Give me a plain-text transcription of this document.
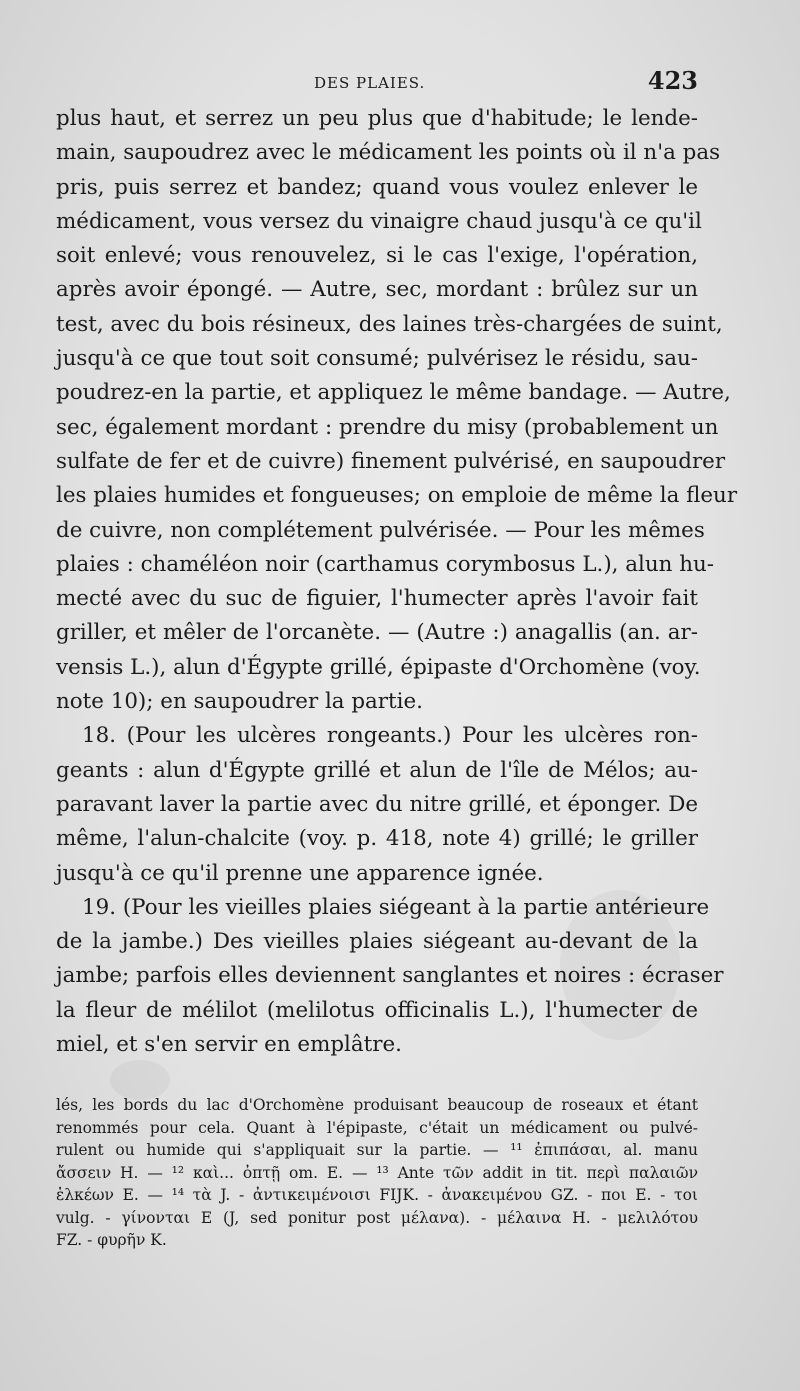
DES PLAIES.	423
plus haut, et serrez un peu plus que d'habitude; le lende-
main, saupoudrez avec le médicament les points où il n'a pas
pris, puis serrez et bandez; quand vous voulez enlever le
médicament, vous versez du vinaigre chaud jusqu'à ce qu'il
soit enlevé; vous renouvelez, si le cas l'exige, l'opération,
après avoir épongé. — Autre, sec, mordant : brûlez sur un
test, avec du bois résineux, des laines très-chargées de suint,
jusqu'à ce que tout soit consumé; pulvérisez le résidu, sau-
poudrez-en la partie, et appliquez le même bandage. — Autre,
sec, également mordant : prendre du misy (probablement un
sulfate de fer et de cuivre) finement pulvérisé, en saupoudrer
les plaies humides et fongueuses; on emploie de même la fleur
de cuivre, non complétement pulvérisée. — Pour les mêmes
plaies : chaméléon noir (carthamus corymbosus L.), alun hu-
mecté avec du suc de figuier, l'humecter après l'avoir fait
griller, et mêler de l'orcanète. — (Autre :) anagallis (an. ar-
vensis L.), alun d'Égypte grillé, épipaste d'Orchomène (voy.
note 10); en saupoudrer la partie.
18. (Pour les ulcères rongeants.) Pour les ulcères ron-
geants : alun d'Égypte grillé et alun de l'île de Mélos; au-
paravant laver la partie avec du nitre grillé, et éponger. De
même, l'alun-chalcite (voy. p. 418, note 4) grillé; le griller
jusqu'à ce qu'il prenne une apparence ignée.
19. (Pour les vieilles plaies siégeant à la partie antérieure
de la jambe.) Des vieilles plaies siégeant au-devant de la
jambe; parfois elles deviennent sanglantes et noires : écraser
la fleur de mélilot (melilotus officinalis L.), l'humecter de
miel, et s'en servir en emplâtre.
lés, les bords du lac d'Orchomène produisant beaucoup de roseaux et étant
renommés pour cela. Quant à l'épipaste, c'était un médicament ou pulvé-
rulent ou humide qui s'appliquait sur la partie. — ¹¹ ἐπιπάσαι, al. manu
ἄσσειν H. — ¹² καὶ... ὀπτῇ om. E. — ¹³ Ante τῶν addit in tit. περὶ παλαιῶν
ἑλκέων E. — ¹⁴ τὰ J. - ἀντικειμένοισι FIJK. - ἀνακειμένου GZ. - ποι E. - τοι
vulg. - γίνονται E (J, sed ponitur post μέλανα). - μέλαινα H. - μελιλότου
FZ. - φυρῆν K.
